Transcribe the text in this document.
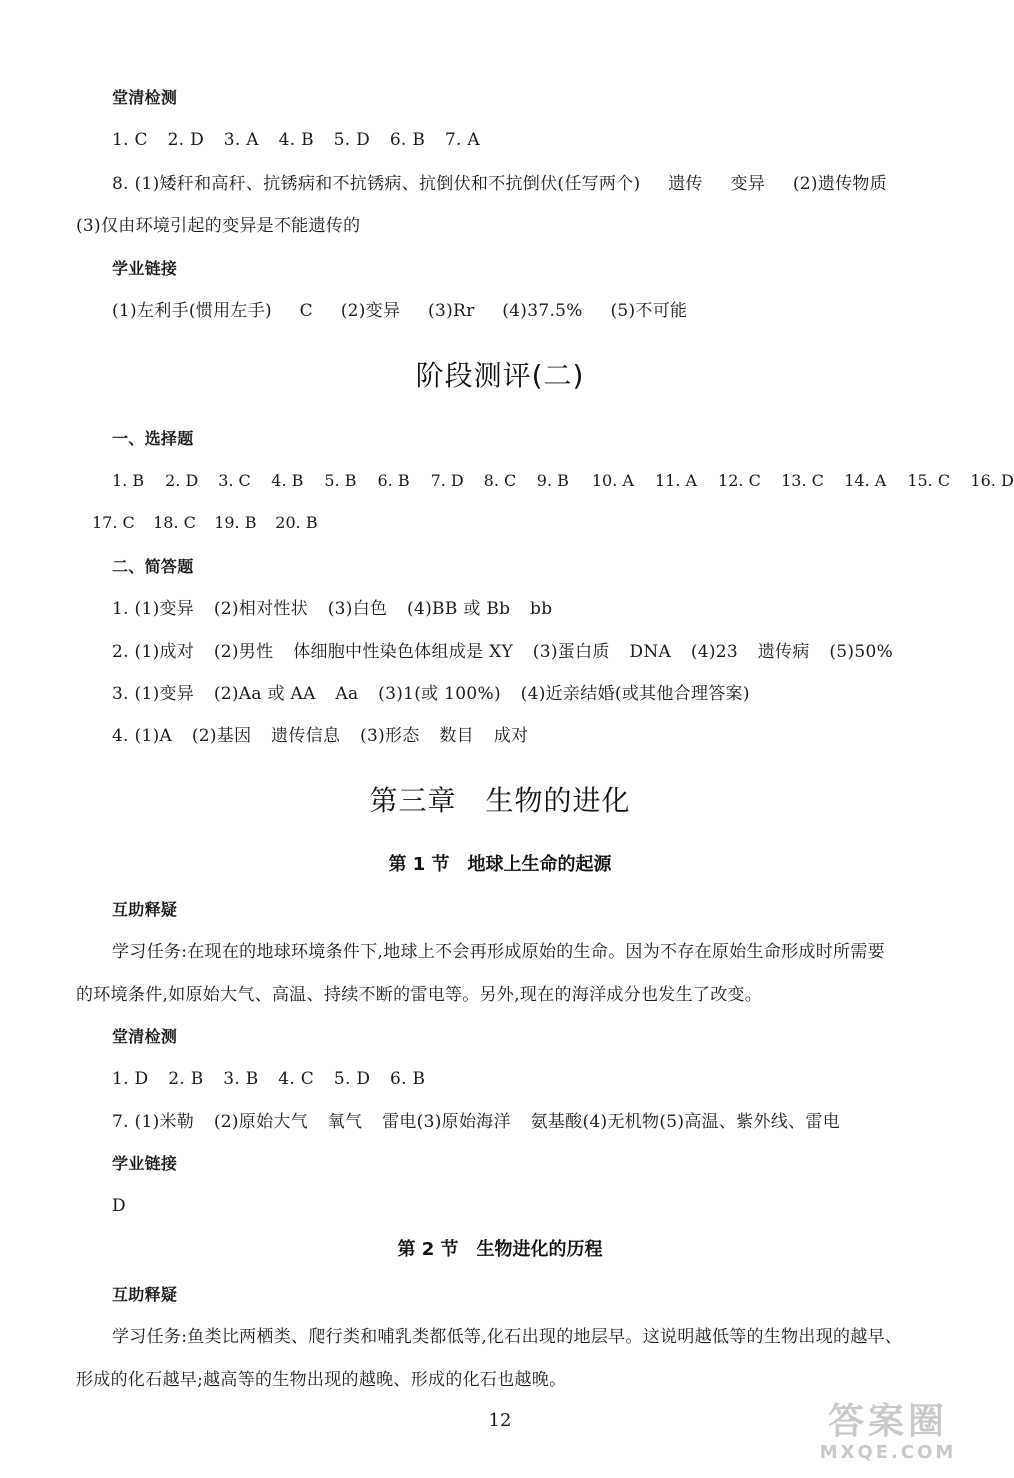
堂清检测
1. C 2. D 3. A 4. B 5. D 6. B 7. A
8. (1)矮秆和高秆、抗锈病和不抗锈病、抗倒伏和不抗倒伏(任写两个) 遗传 变异 (2)遗传物质
(3)仅由环境引起的变异是不能遗传的
学业链接
(1)左利手(惯用左手) C (2)变异 (3)Rr (4)37.5% (5)不可能
阶段测评(二)
一、选择题
1. B 2. D 3. C 4. B 5. B 6. B 7. D 8. C 9. B 10. A 11. A 12. C 13. C 14. A 15. C 16. D
17. C 18. C 19. B 20. B
二、简答题
1. (1)变异 (2)相对性状 (3)白色 (4)BB 或 Bb bb
2. (1)成对 (2)男性 体细胞中性染色体组成是 XY (3)蛋白质 DNA (4)23 遗传病 (5)50%
3. (1)变异 (2)Aa 或 AA Aa (3)1(或 100%) (4)近亲结婚(或其他合理答案)
4. (1)A (2)基因 遗传信息 (3)形态 数目 成对
第三章　生物的进化
第 1 节　地球上生命的起源
互助释疑
学习任务:在现在的地球环境条件下,地球上不会再形成原始的生命。因为不存在原始生命形成时所需要
的环境条件,如原始大气、高温、持续不断的雷电等。另外,现在的海洋成分也发生了改变。
堂清检测
1. D 2. B 3. B 4. C 5. D 6. B
7. (1)米勒 (2)原始大气 氧气 雷电(3)原始海洋 氨基酸(4)无机物(5)高温、紫外线、雷电
学业链接
D
第 2 节　生物进化的历程
互助释疑
学习任务:鱼类比两栖类、爬行类和哺乳类都低等,化石出现的地层早。这说明越低等的生物出现的越早、
形成的化石越早;越高等的生物出现的越晚、形成的化石也越晚。
12	答案圈
MXQE.COM
